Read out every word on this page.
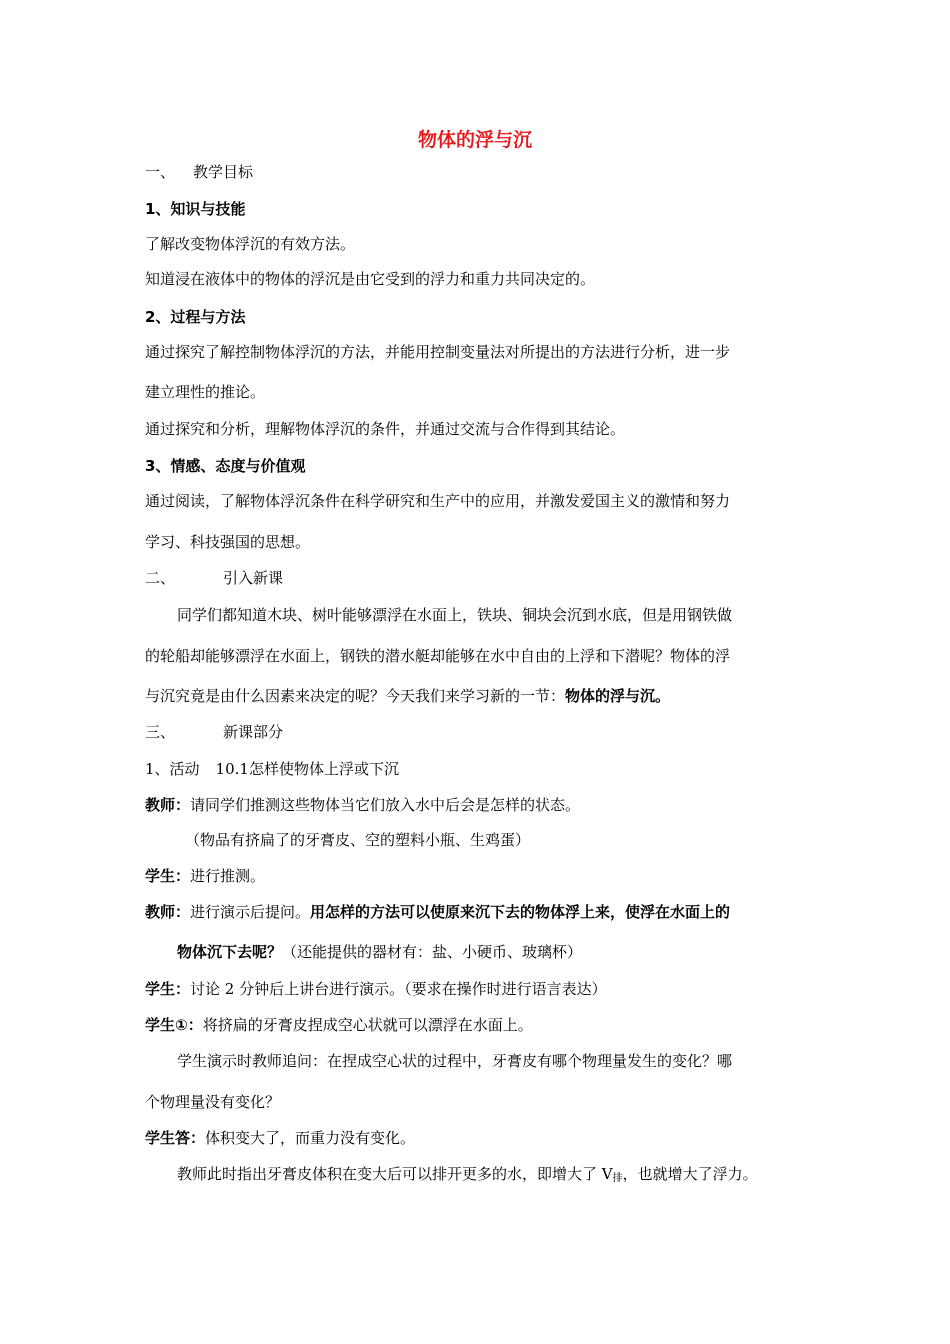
物体的浮与沉
一、 教学目标
1、知识与技能
了解改变物体浮沉的有效方法。
知道浸在液体中的物体的浮沉是由它受到的浮力和重力共同决定的。
2、过程与方法
通过探究了解控制物体浮沉的方法，并能用控制变量法对所提出的方法进行分析，进一步
建立理性的推论。
通过探究和分析，理解物体浮沉的条件，并通过交流与合作得到其结论。
3、情感、态度与价值观
通过阅读，了解物体浮沉条件在科学研究和生产中的应用，并激发爱国主义的激情和努力
学习、科技强国的思想。
二、	引入新课
同学们都知道木块、树叶能够漂浮在水面上，铁块、铜块会沉到水底，但是用钢铁做
的轮船却能够漂浮在水面上，钢铁的潜水艇却能够在水中自由的上浮和下潜呢？物体的浮
与沉究竟是由什么因素来决定的呢？今天我们来学习新的一节：物体的浮与沉。
三、	新课部分
1、活动 10.1怎样使物体上浮或下沉
教师：请同学们推测这些物体当它们放入水中后会是怎样的状态。
（物品有挤扁了的牙膏皮、空的塑料小瓶、生鸡蛋）
学生：进行推测。
教师：进行演示后提问。用怎样的方法可以使原来沉下去的物体浮上来，使浮在水面上的
物体沉下去呢？（还能提供的器材有：盐、小硬币、玻璃杯）
学生：讨论 2 分钟后上讲台进行演示。（要求在操作时进行语言表达）
学生①：将挤扁的牙膏皮捏成空心状就可以漂浮在水面上。
学生演示时教师追问：在捏成空心状的过程中，牙膏皮有哪个物理量发生的变化？哪
个物理量没有变化？
学生答：体积变大了，而重力没有变化。
教师此时指出牙膏皮体积在变大后可以排开更多的水，即增大了 $V_排$，也就增大了浮力。
